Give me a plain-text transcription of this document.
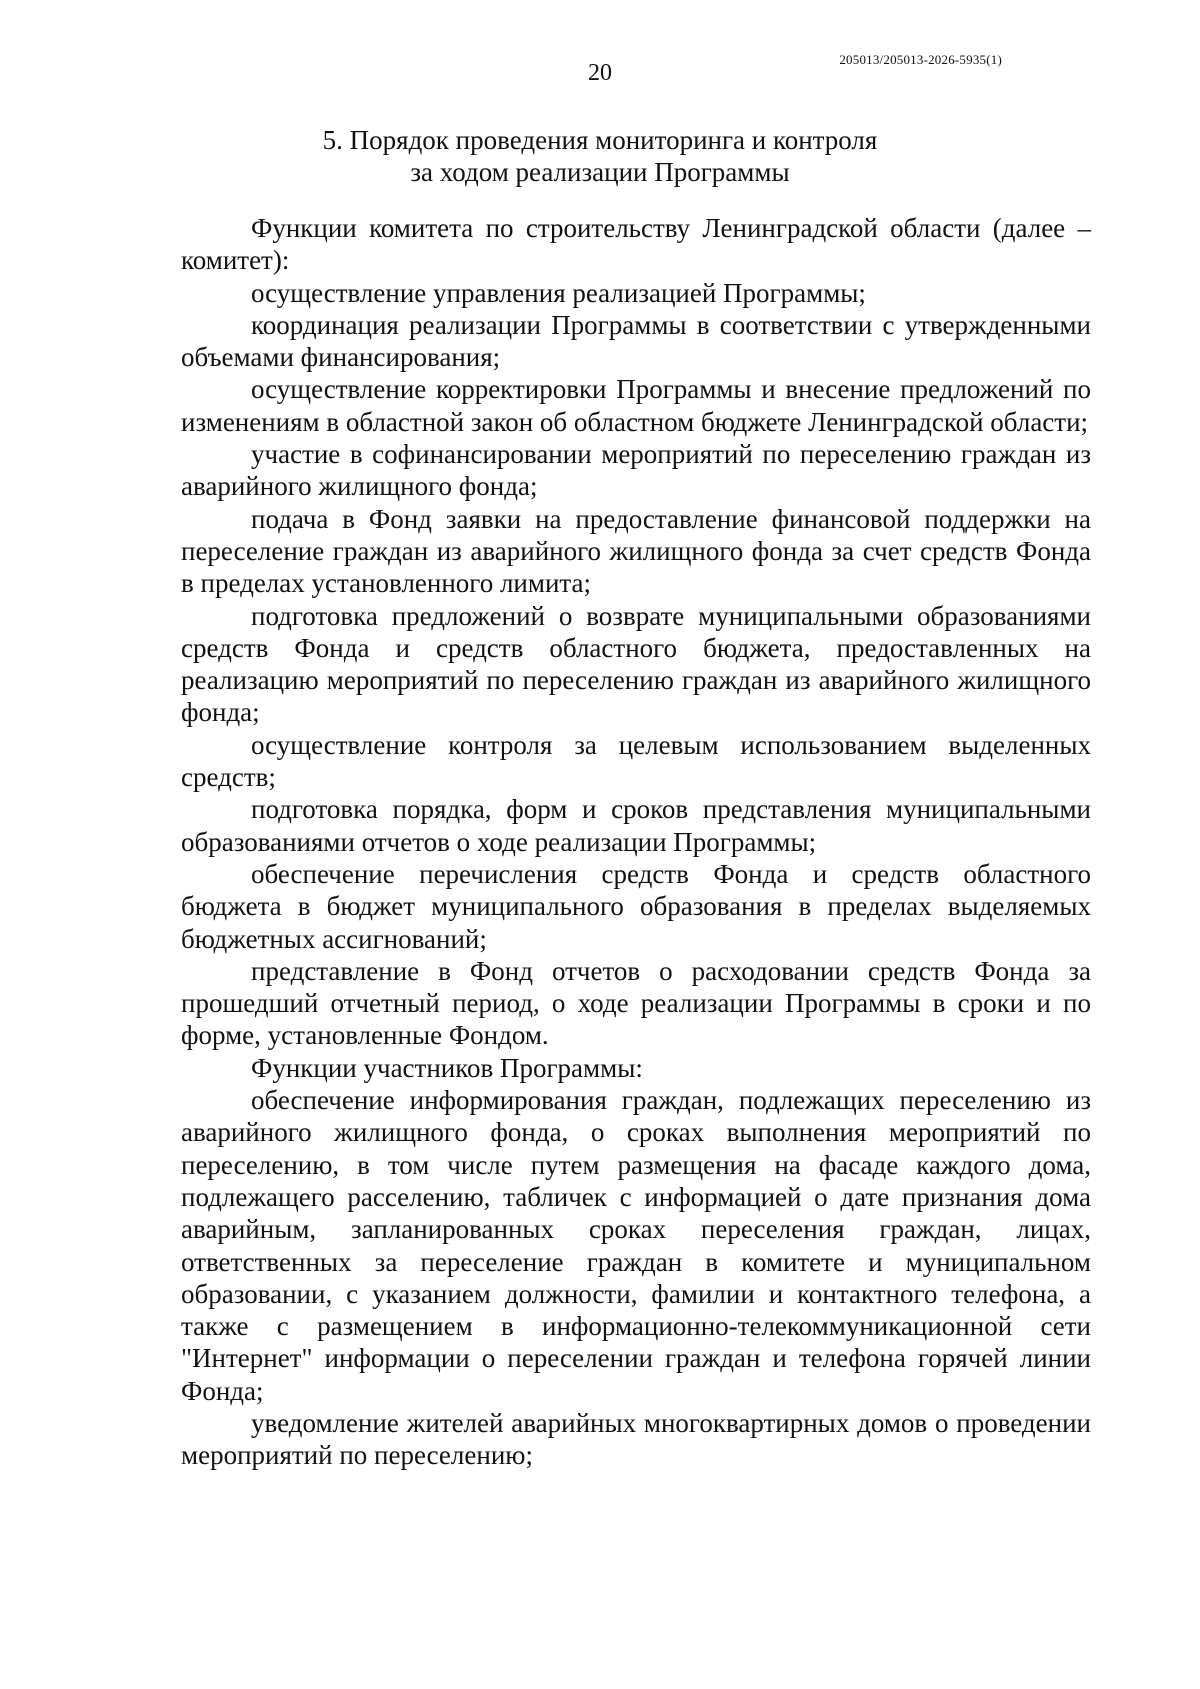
205013/205013-2026-5935(1)
20
5. Порядок проведения мониторинга и контроля
за ходом реализации Программы

Функции комитета по строительству Ленинградской области (далее – комитет):

осуществление управления реализацией Программы;

координация реализации Программы в соответствии с утвержденными объемами финансирования;

осуществление корректировки Программы и внесение предложений по изменениям в областной закон об областном бюджете Ленинградской области;

участие в софинансировании мероприятий по переселению граждан из аварийного жилищного фонда;

подача в Фонд заявки на предоставление финансовой поддержки на переселение граждан из аварийного жилищного фонда за счет средств Фонда в пределах установленного лимита;

подготовка предложений о возврате муниципальными образованиями средств Фонда и средств областного бюджета, предоставленных на реализацию мероприятий по переселению граждан из аварийного жилищного фонда;

осуществление контроля за целевым использованием выделенных средств;

подготовка порядка, форм и сроков представления муниципальными образованиями отчетов о ходе реализации Программы;

обеспечение перечисления средств Фонда и средств областного бюджета в бюджет муниципального образования в пределах выделяемых бюджетных ассигнований;

представление в Фонд отчетов о расходовании средств Фонда за прошедший отчетный период, о ходе реализации Программы в сроки и по форме, установленные Фондом.

Функции участников Программы:

обеспечение информирования граждан, подлежащих переселению из аварийного жилищного фонда, о сроках выполнения мероприятий по переселению, в том числе путем размещения на фасаде каждого дома, подлежащего расселению, табличек с информацией о дате признания дома аварийным, запланированных сроках переселения граждан, лицах, ответственных за переселение граждан в комитете и муниципальном образовании, с указанием должности, фамилии и контактного телефона, а также с размещением в информационно-телекоммуникационной сети "Интернет" информации о переселении граждан и телефона горячей линии Фонда;

уведомление жителей аварийных многоквартирных домов о проведении мероприятий по переселению;
